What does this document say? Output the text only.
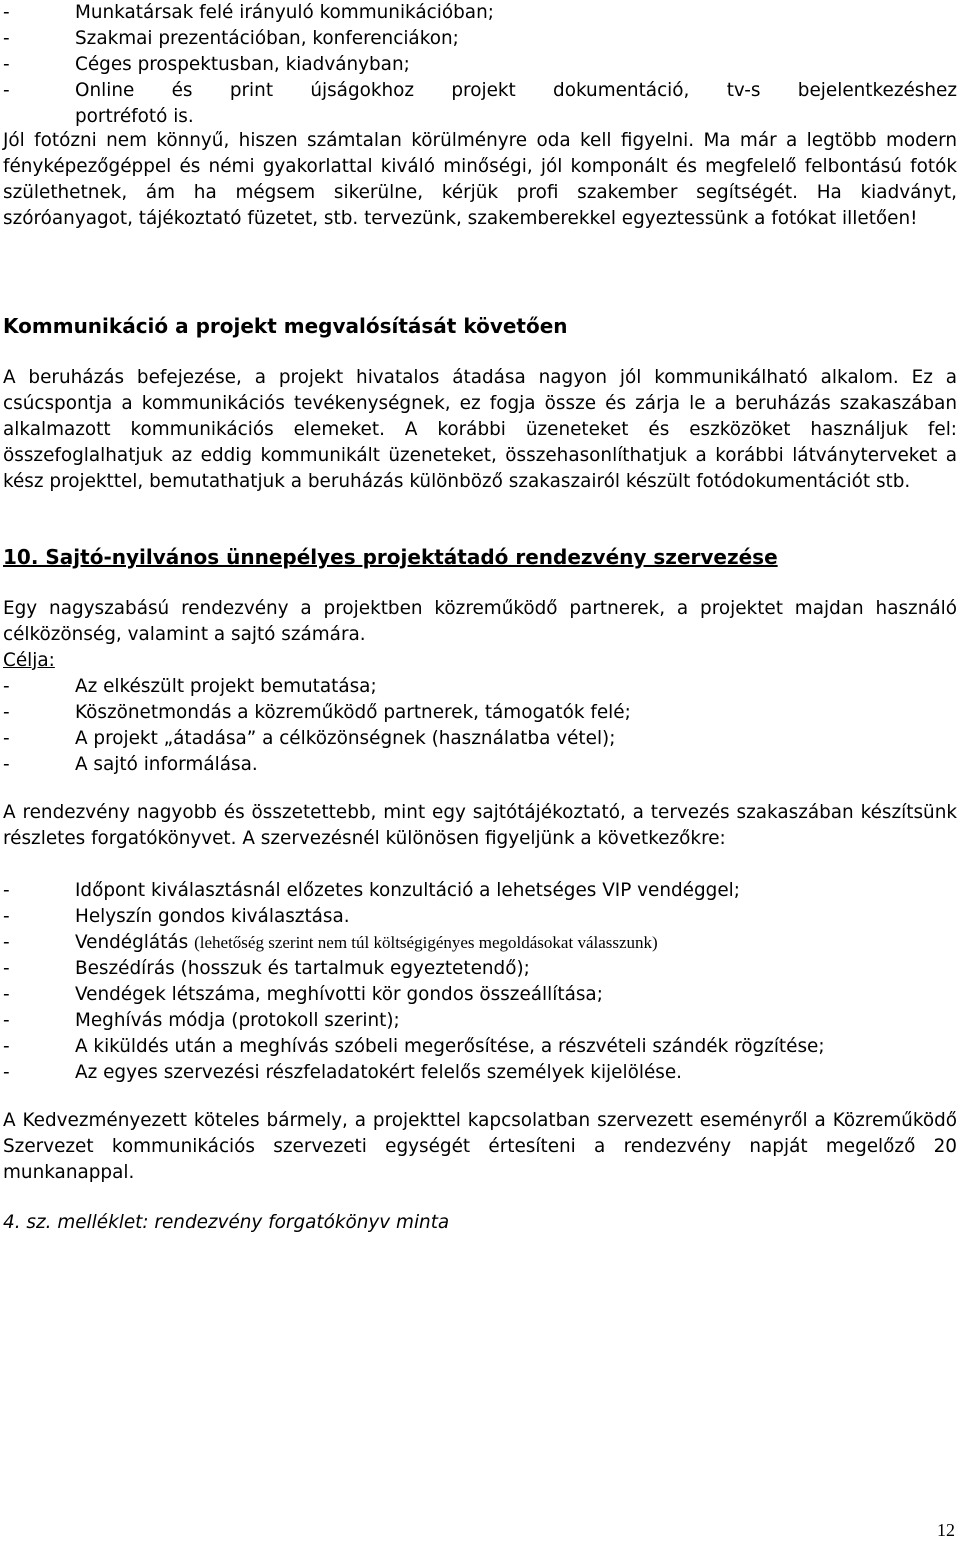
- Munkatársak felé irányuló kommunikációban;
- Szakmai prezentációban, konferenciákon;
- Céges prospektusban, kiadványban;
- Online és print újságokhoz projekt dokumentáció, tv-s bejelentkezéshez
portréfotó is.

Jól fotózni nem könnyű, hiszen számtalan körülményre oda kell figyelni. Ma már a legtöbb modern fényképezőgéppel és némi gyakorlattal kiváló minőségi, jól komponált és megfelelő felbontású fotók születhetnek, ám ha mégsem sikerülne, kérjük profi szakember segítségét. Ha kiadványt, szóróanyagot, tájékoztató füzetet, stb. tervezünk, szakemberekkel egyeztessünk a fotókat illetően!

Kommunikáció a projekt megvalósítását követően

A beruházás befejezése, a projekt hivatalos átadása nagyon jól kommunikálható alkalom. Ez a csúcspontja a kommunikációs tevékenységnek, ez fogja össze és zárja le a beruházás szakaszában alkalmazott kommunikációs elemeket. A korábbi üzeneteket és eszközöket használjuk fel: összefoglalhatjuk az eddig kommunikált üzeneteket, összehasonlíthatjuk a korábbi látványterveket a kész projekttel, bemutathatjuk a beruházás különböző szakaszairól készült fotódokumentációt stb.

10. Sajtó-nyilvános ünnepélyes projektátadó rendezvény szervezése

Egy nagyszabású rendezvény a projektben közreműködő partnerek, a projektet majdan használó célközönség, valamint a sajtó számára.

Célja:

- Az elkészült projekt bemutatása;
- Köszönetmondás a közreműködő partnerek, támogatók felé;
- A projekt „átadása” a célközönségnek (használatba vétel);
- A sajtó informálása.

A rendezvény nagyobb és összetettebb, mint egy sajtótájékoztató, a tervezés szakaszában készítsünk részletes forgatókönyvet. A szervezésnél különösen figyeljünk a következőkre:

- Időpont kiválasztásnál előzetes konzultáció a lehetséges VIP vendéggel;
- Helyszín gondos kiválasztása.
- Vendéglátás (lehetőség szerint nem túl költségigényes megoldásokat válasszunk)
- Beszédírás (hosszuk és tartalmuk egyeztetendő);
- Vendégek létszáma, meghívotti kör gondos összeállítása;
- Meghívás módja (protokoll szerint);
- A kiküldés után a meghívás szóbeli megerősítése, a részvételi szándék rögzítése;
- Az egyes szervezési részfeladatokért felelős személyek kijelölése.

A Kedvezményezett köteles bármely, a projekttel kapcsolatban szervezett eseményről a Közreműködő Szervezet kommunikációs szervezeti egységét értesíteni a rendezvény napját megelőző 20 munkanappal.

4. sz. melléklet: rendezvény forgatókönyv minta

12
